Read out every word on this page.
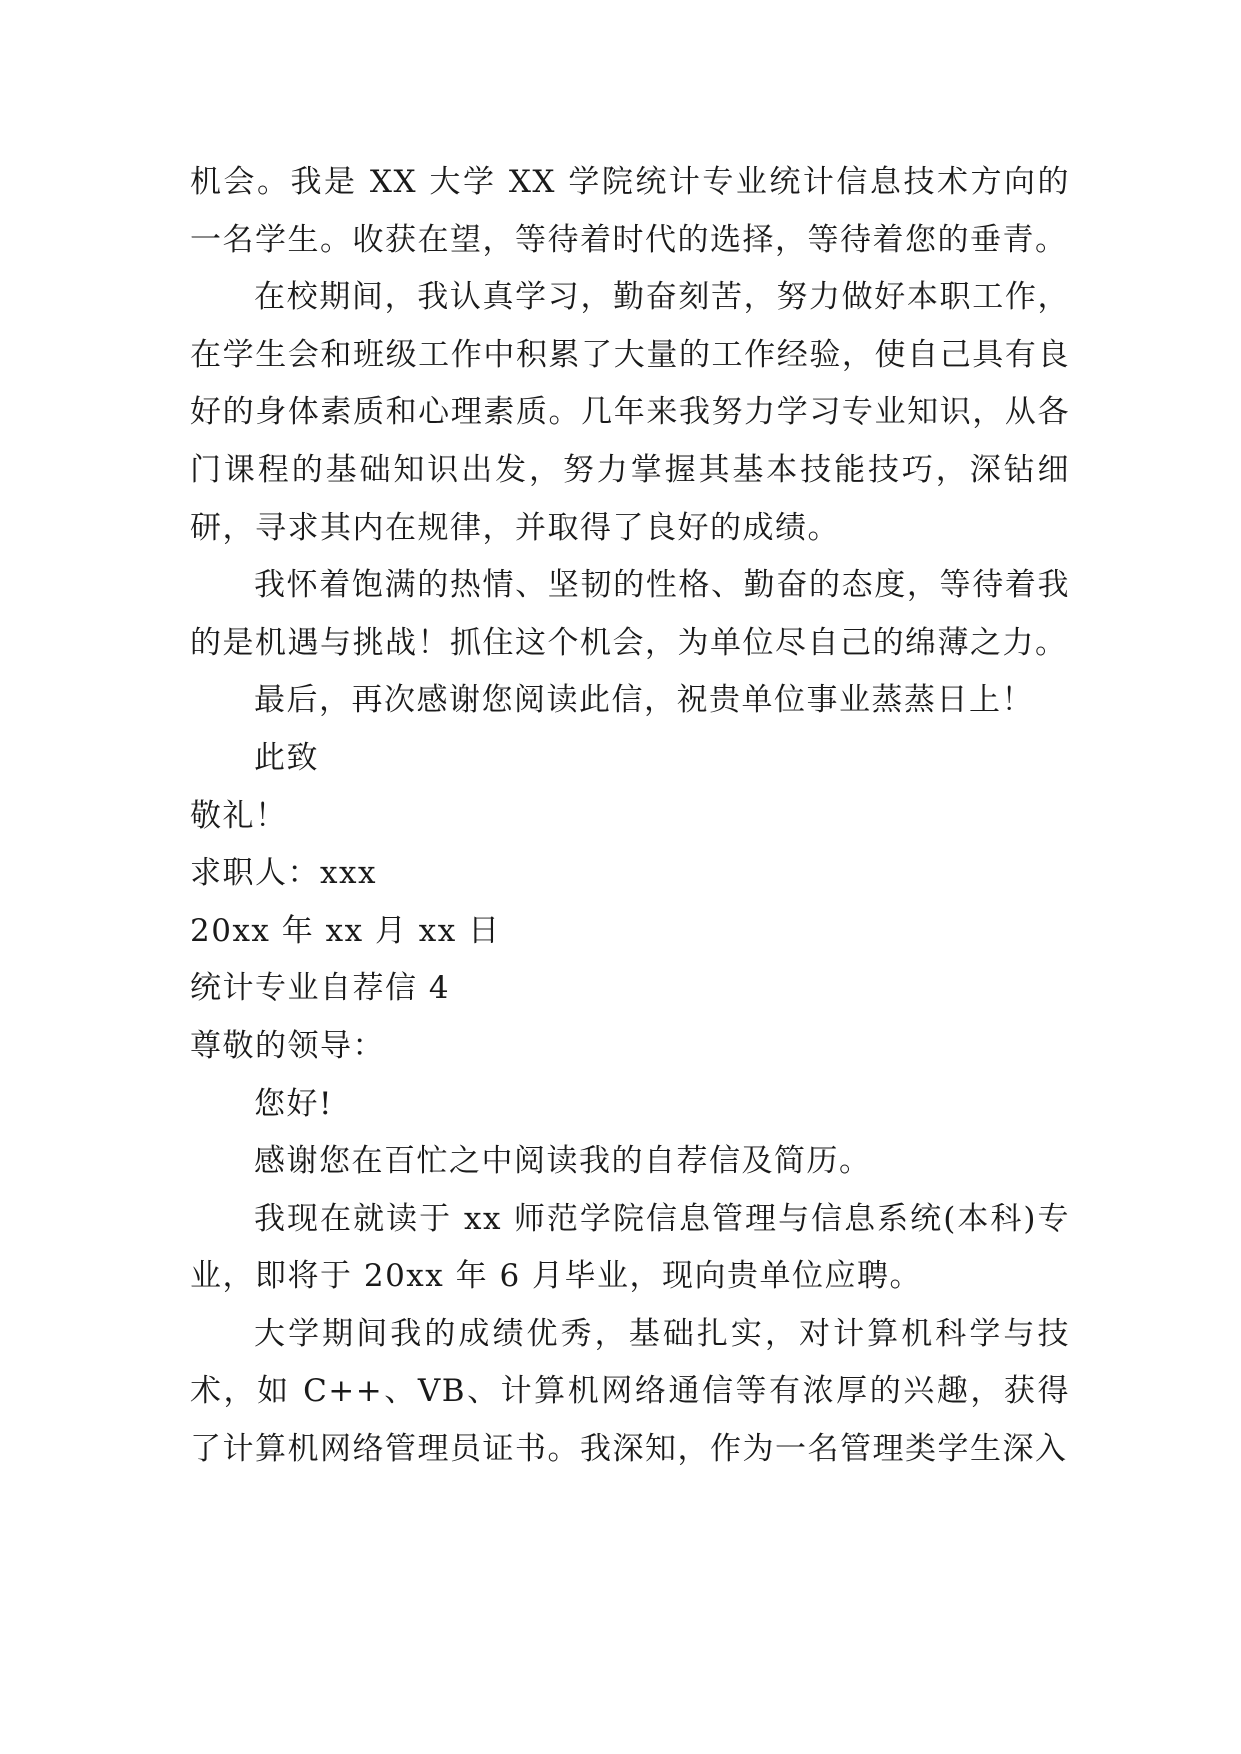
机会。我是 XX 大学 XX 学院统计专业统计信息技术方向的一名学生。收获在望，等待着时代的选择，等待着您的垂青。

在校期间，我认真学习，勤奋刻苦，努力做好本职工作，在学生会和班级工作中积累了大量的工作经验，使自己具有良好的身体素质和心理素质。几年来我努力学习专业知识，从各门课程的基础知识出发，努力掌握其基本技能技巧，深钻细研，寻求其内在规律，并取得了良好的成绩。

我怀着饱满的热情、坚韧的性格、勤奋的态度，等待着我的是机遇与挑战！抓住这个机会，为单位尽自己的绵薄之力。

最后，再次感谢您阅读此信，祝贵单位事业蒸蒸日上！

此致

敬礼！

求职人：xxx

20xx 年 xx 月 xx 日

统计专业自荐信 4

尊敬的领导：

您好!

感谢您在百忙之中阅读我的自荐信及简历。

我现在就读于 xx 师范学院信息管理与信息系统(本科)专业，即将于 20xx 年 6 月毕业，现向贵单位应聘。

大学期间我的成绩优秀，基础扎实，对计算机科学与技术，如 C++、VB、计算机网络通信等有浓厚的兴趣，获得了计算机网络管理员证书。我深知，作为一名管理类学生深入
